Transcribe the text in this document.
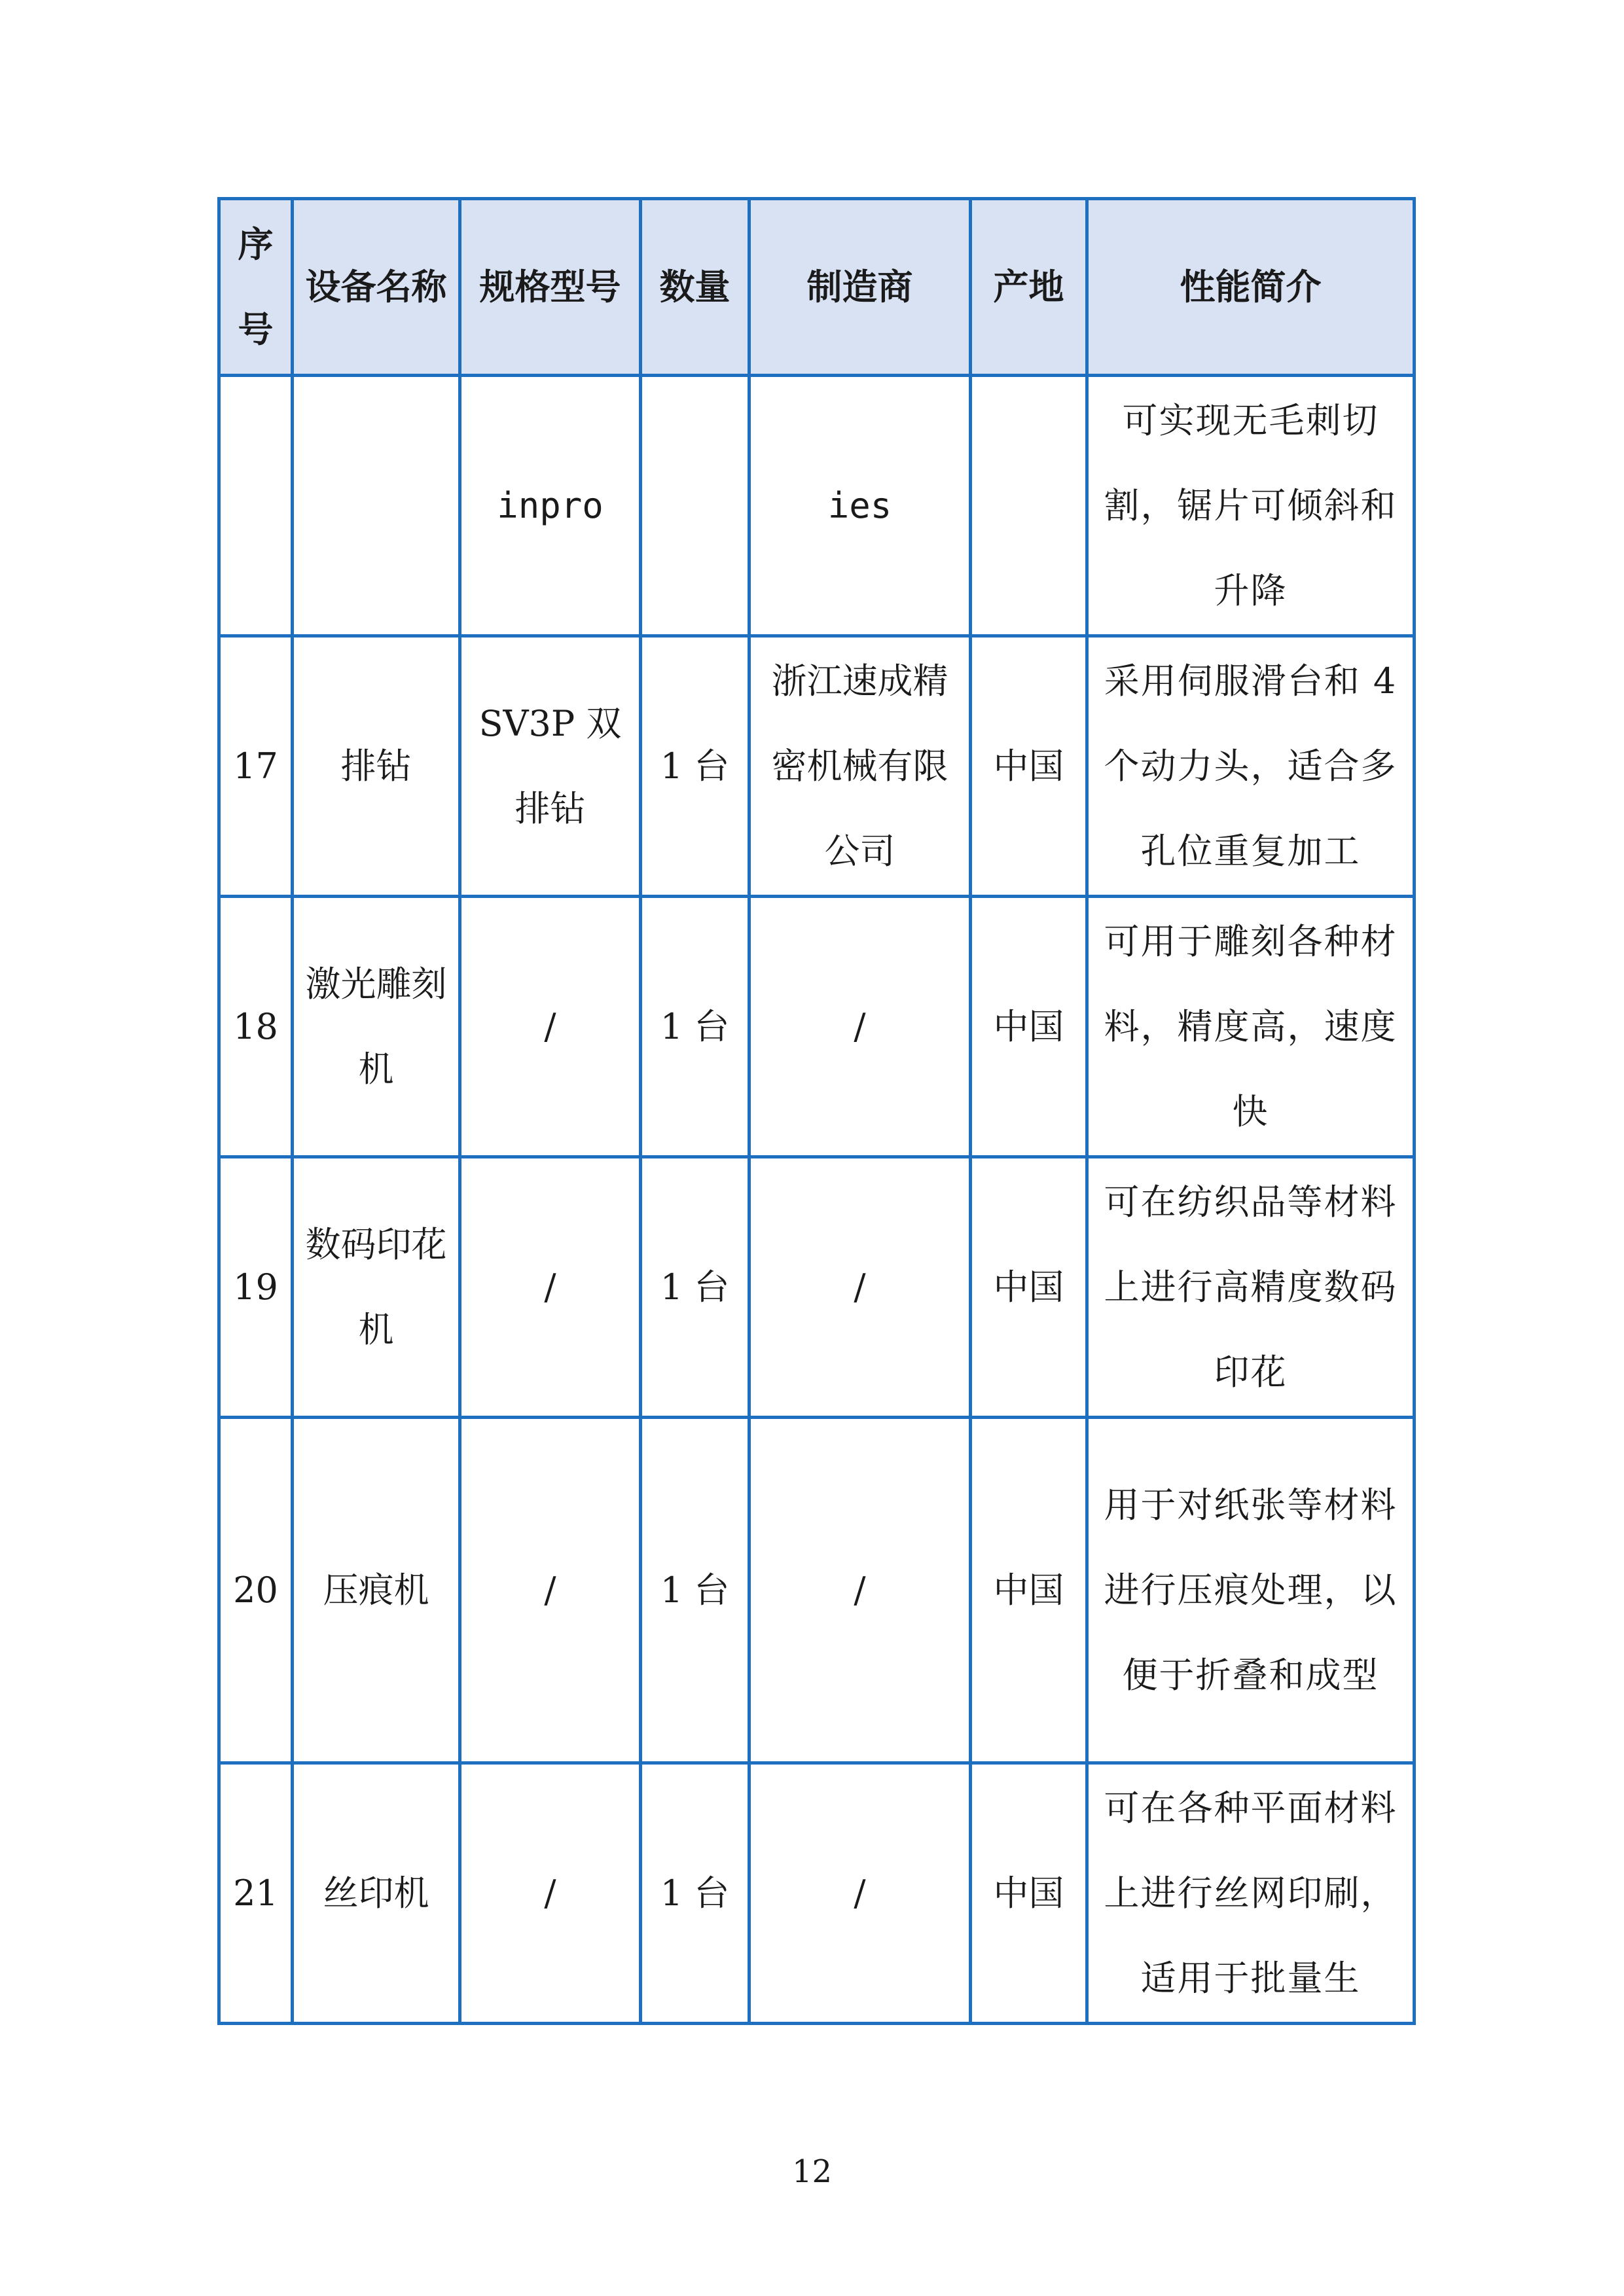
序号	设备名称	规格型号	数量	制造商	产地	性能简介
		inpro		ies		可实现无毛刺切割，锯片可倾斜和升降
17	排钻	SV3P 双排钻	1 台	浙江速成精密机械有限公司	中国	采用伺服滑台和 4 个动力头，适合多孔位重复加工
18	激光雕刻机	/	1 台	/	中国	可用于雕刻各种材料，精度高，速度快
19	数码印花机	/	1 台	/	中国	可在纺织品等材料上进行高精度数码印花
20	压痕机	/	1 台	/	中国	用于对纸张等材料进行压痕处理，以便于折叠和成型
21	丝印机	/	1 台	/	中国	可在各种平面材料上进行丝网印刷，适用于批量生
12
